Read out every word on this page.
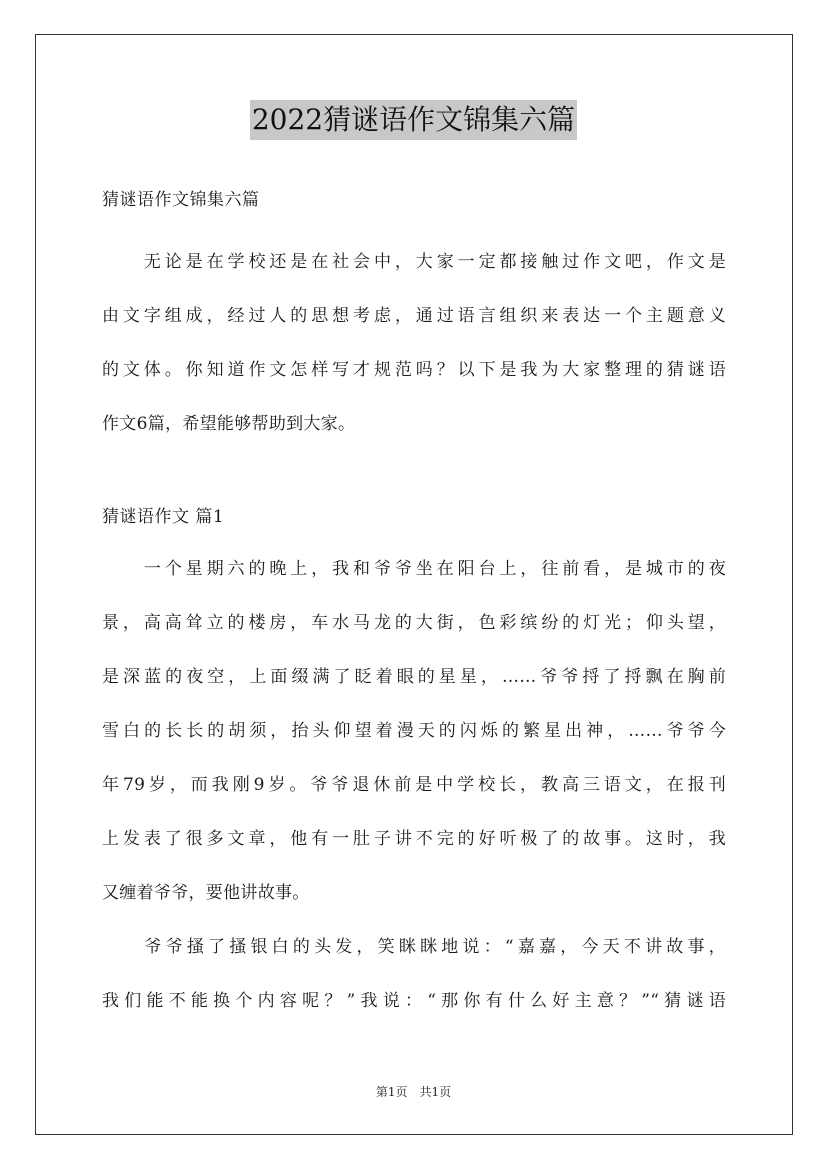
2022猜谜语作文锦集六篇
猜谜语作文锦集六篇
　　无论是在学校还是在社会中，大家一定都接触过作文吧，作文是
由文字组成，经过人的思想考虑，通过语言组织来表达一个主题意义
的文体。你知道作文怎样写才规范吗？以下是我为大家整理的猜谜语
作文6篇，希望能够帮助到大家。
猜谜语作文 篇1
　　一个星期六的晚上，我和爷爷坐在阳台上，往前看，是城市的夜
景，高高耸立的楼房，车水马龙的大街，色彩缤纷的灯光；仰头望，
是深蓝的夜空，上面缀满了眨着眼的星星，……爷爷捋了捋飘在胸前
雪白的长长的胡须，抬头仰望着漫天的闪烁的繁星出神，……爷爷今
年79岁，而我刚9岁。爷爷退休前是中学校长，教高三语文，在报刊
上发表了很多文章，他有一肚子讲不完的好听极了的故事。这时，我
又缠着爷爷，要他讲故事。
　　爷爷搔了搔银白的头发，笑眯眯地说：“嘉嘉，今天不讲故事，
我们能不能换个内容呢？”我说：“那你有什么好主意？”“猜谜语
第1页　共1页
